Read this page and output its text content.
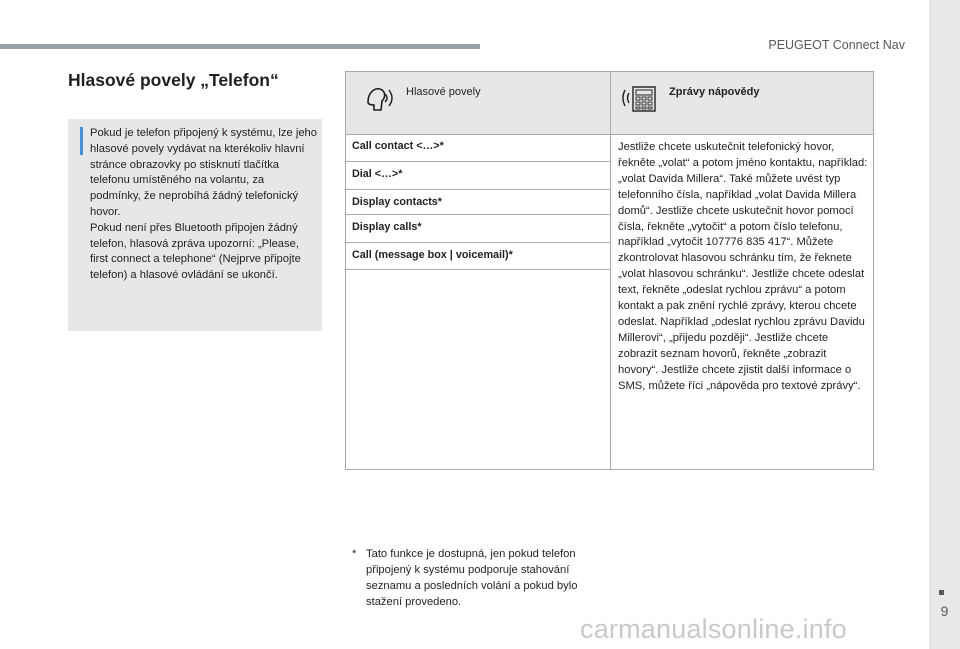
PEUGEOT Connect Nav
9
Hlasové povely „Telefon“

Pokud je telefon připojený k systému, lze jeho hlasové povely vydávat na kterékoliv hlavní stránce obrazovky po stisknutí tlačítka telefonu umístěného na volantu, za podmínky, že neprobíhá žádný telefonický hovor.

Pokud není přes Bluetooth připojen žádný telefon, hlasová zpráva upozorní: „Please, first connect a telephone“ (Nejprve připojte telefon) a hlasové ovládání se ukončí.

Hlasové povely	Zprávy nápovědy
Call contact <…>*
Dial <…>*
Display contacts*
Display calls*
Call (message box | voicemail)*
Jestliže chcete uskutečnit telefonický hovor, řekněte „volat“ a potom jméno kontaktu, například: „volat Davida Millera“. Také můžete uvést typ telefonního čísla, například „volat Davida Millera domů“. Jestliže chcete uskutečnit hovor pomocí čísla, řekněte „vytočit“ a potom číslo telefonu, například „vytočit 107776 835 417“. Můžete zkontrolovat hlasovou schránku tím, že řeknete „volat hlasovou schránku“. Jestliže chcete odeslat text, řekněte „odeslat rychlou zprávu“ a potom kontakt a pak znění rychlé zprávy, kterou chcete odeslat. Například „odeslat rychlou zprávu Davidu Millerovi“, „přijedu později“. Jestliže chcete zobrazit seznam hovorů, řekněte „zobrazit hovory“. Jestliže chcete zjistit další informace o SMS, můžete říci „nápověda pro textové zprávy“.
* Tato funkce je dostupná, jen pokud telefon připojený k systému podporuje stahování seznamu a posledních volání a pokud bylo stažení provedeno.
carmanualsonline.info
